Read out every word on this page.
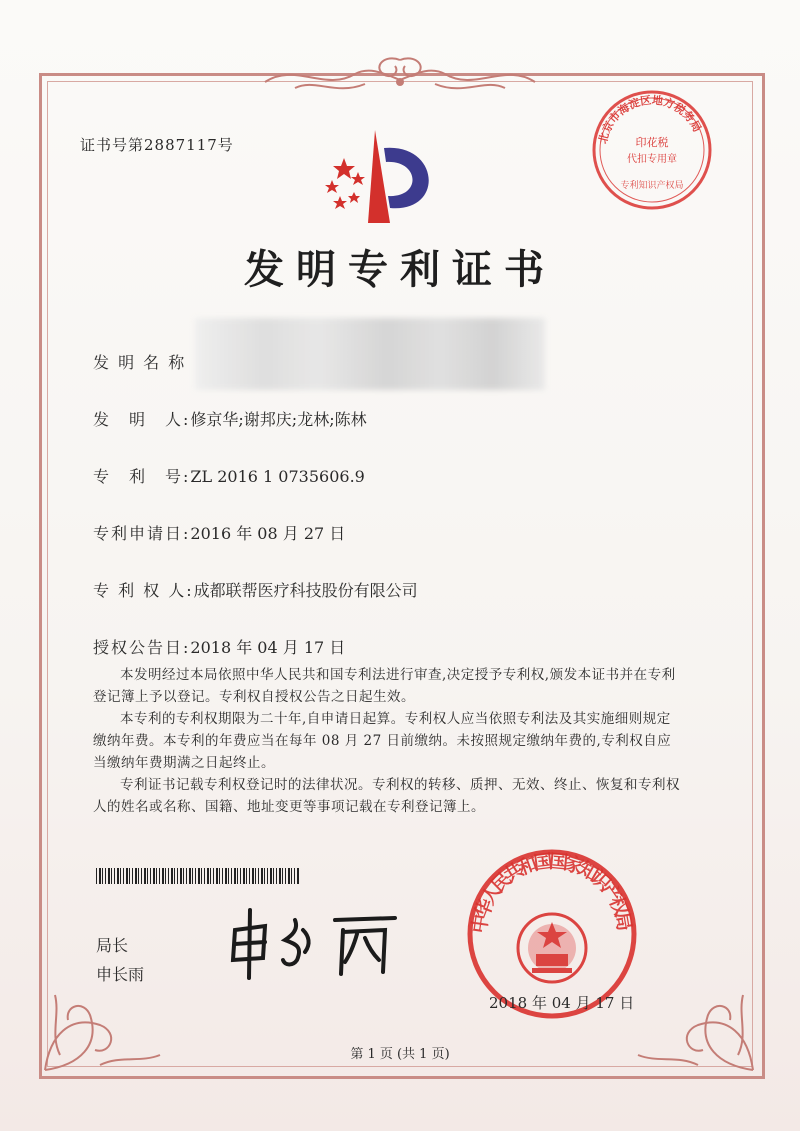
证书号第2887117号	北京市海淀区地方税务局
印花税
代扣专用章
专利知识产权局
发明专利证书
发 明 名 称
发　明　人:修京华;谢邦庆;龙林;陈林
专　利　号:ZL 2016 1 0735606.9
专利申请日:2016 年 08 月 27 日
专 利 权 人:成都联帮医疗科技股份有限公司
授权公告日:2018 年 04 月 17 日

本发明经过本局依照中华人民共和国专利法进行审查,决定授予专利权,颁发本证书并在专利登记簿上予以登记。专利权自授权公告之日起生效。

本专利的专利权期限为二十年,自申请日起算。专利权人应当依照专利法及其实施细则规定缴纳年费。本专利的年费应当在每年 08 月 27 日前缴纳。未按照规定缴纳年费的,专利权自应当缴纳年费期满之日起终止。

专利证书记载专利权登记时的法律状况。专利权的转移、质押、无效、终止、恢复和专利权人的姓名或名称、国籍、地址变更等事项记载在专利登记簿上。

局长
申长雨
中华人民共和国国家知识产权局
2018 年 04 月 17 日
第 1 页 (共 1 页)
